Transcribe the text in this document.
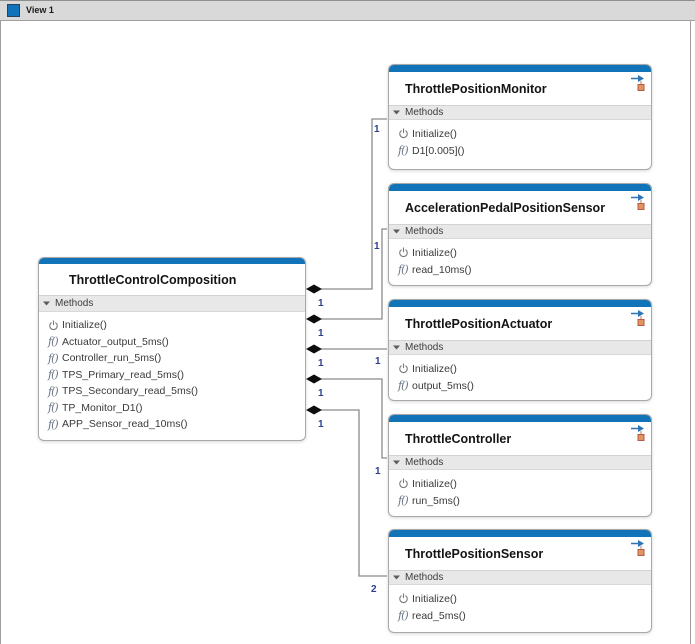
View 1
ThrottleControlComposition
Methods
Initialize()
f() Actuator_output_5ms()
f() Controller_run_5ms()
f() TPS_Primary_read_5ms()
f() TPS_Secondary_read_5ms()
f() TP_Monitor_D1()
f() APP_Sensor_read_10ms()
ThrottlePositionMonitor
Methods
Initialize()
f() D1[0.005]()
AccelerationPedalPositionSensor
Methods
Initialize()
f() read_10ms()
ThrottlePositionActuator
Methods
Initialize()
f() output_5ms()
ThrottleController
Methods
Initialize()
f() run_5ms()
ThrottlePositionSensor
Methods
Initialize()
f() read_5ms()
1
1
1
1
1
1
1
1
1
2
